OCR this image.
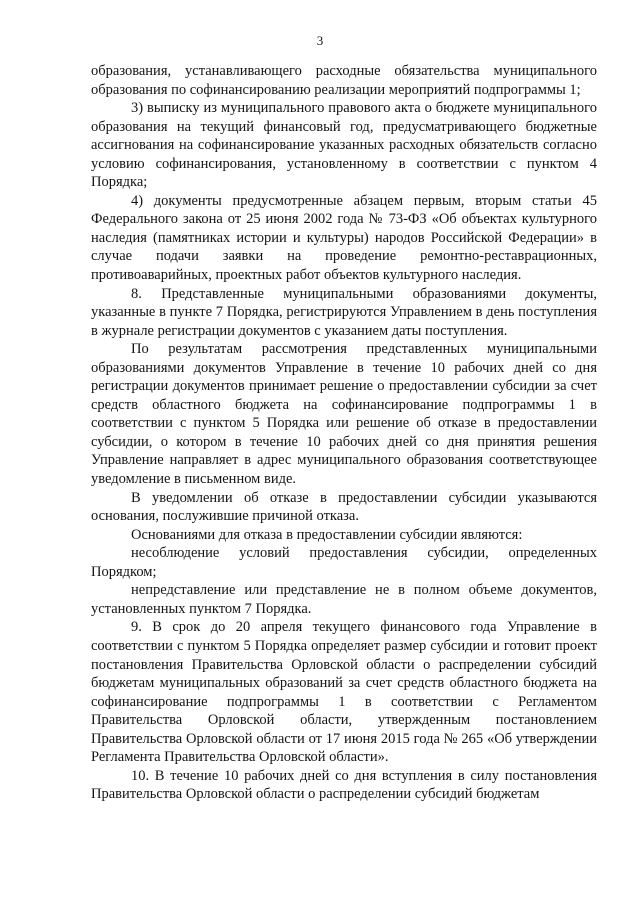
3

образования, устанавливающего расходные обязательства муниципального образования по софинансированию реализации мероприятий подпрограммы 1;

3) выписку из муниципального правового акта о бюджете муниципального образования на текущий финансовый год, предусматривающего бюджетные ассигнования на софинансирование указанных расходных обязательств согласно условию софинансирования, установленному в соответствии с пунктом 4 Порядка;

4) документы предусмотренные абзацем первым, вторым статьи 45 Федерального закона от 25 июня 2002 года № 73-ФЗ «Об объектах культурного наследия (памятниках истории и культуры) народов Российской Федерации» в случае подачи заявки на проведение ремонтно-реставрационных, противоаварийных, проектных работ объектов культурного наследия.

8. Представленные муниципальными образованиями документы, указанные в пункте 7 Порядка, регистрируются Управлением в день поступления в журнале регистрации документов с указанием даты поступления.

По результатам рассмотрения представленных муниципальными образованиями документов Управление в течение 10 рабочих дней со дня регистрации документов принимает решение о предоставлении субсидии за счет средств областного бюджета на софинансирование подпрограммы 1 в соответствии с пунктом 5 Порядка или решение об отказе в предоставлении субсидии, о котором в течение 10 рабочих дней со дня принятия решения Управление направляет в адрес муниципального образования соответствующее уведомление в письменном виде.

В уведомлении об отказе в предоставлении субсидии указываются основания, послужившие причиной отказа.

Основаниями для отказа в предоставлении субсидии являются:

несоблюдение условий предоставления субсидии, определенных Порядком;

непредставление или представление не в полном объеме документов, установленных пунктом 7 Порядка.

9. В срок до 20 апреля текущего финансового года Управление в соответствии с пунктом 5 Порядка определяет размер субсидии и готовит проект постановления Правительства Орловской области о распределении субсидий бюджетам муниципальных образований за счет средств областного бюджета на софинансирование подпрограммы 1 в соответствии с Регламентом Правительства Орловской области, утвержденным постановлением Правительства Орловской области от 17 июня 2015 года № 265 «Об утверждении Регламента Правительства Орловской области».

10. В течение 10 рабочих дней со дня вступления в силу постановления Правительства Орловской области о распределении субсидий бюджетам
